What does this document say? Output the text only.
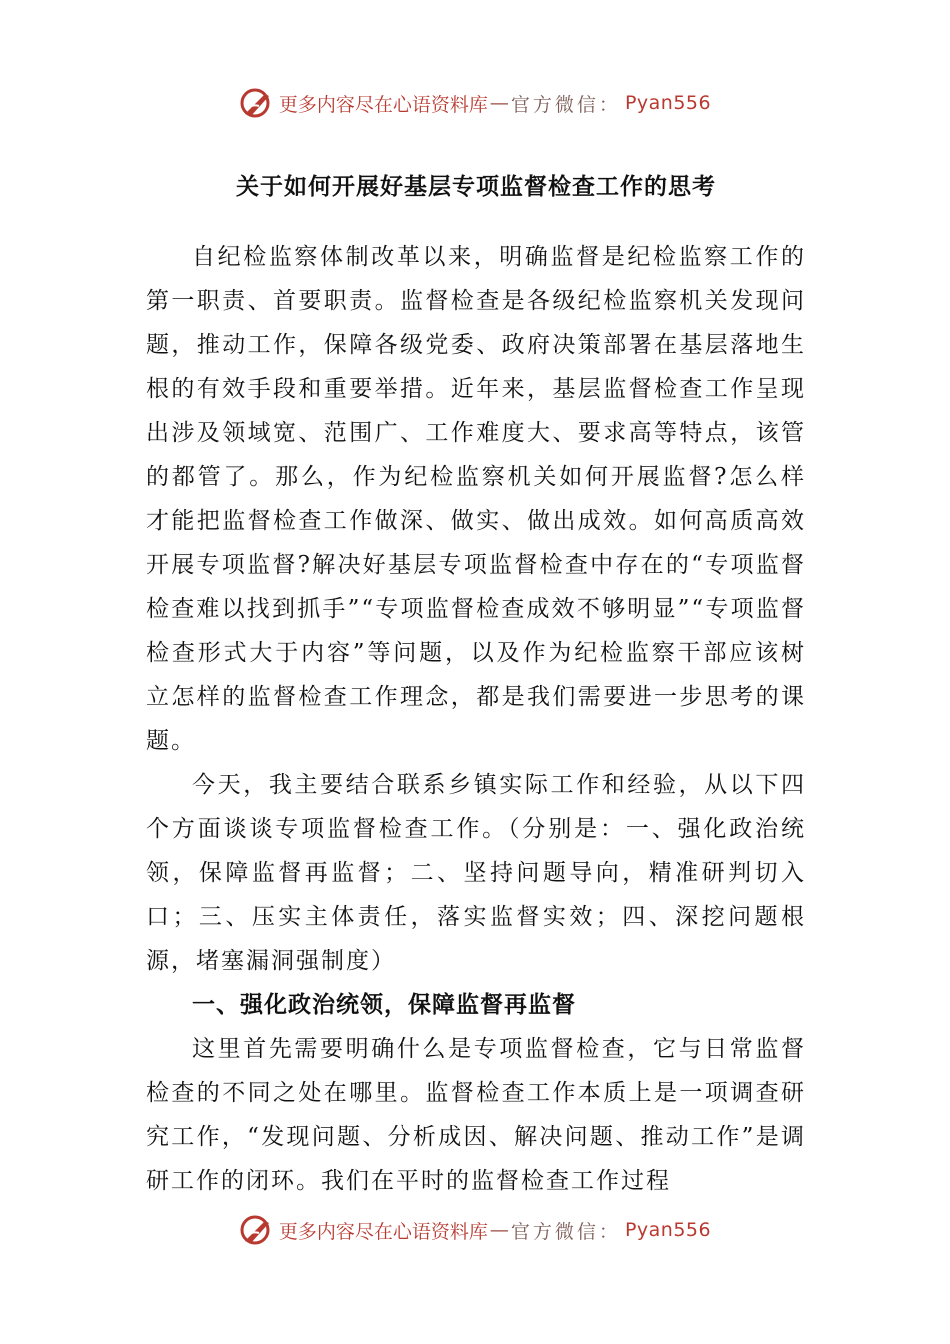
更多内容尽在心语资料库 — 官方微信： Pyan556
关于如何开展好基层专项监督检查工作的思考

自纪检监察体制改革以来，明确监督是纪检监察工作的第一职责、首要职责。监督检查是各级纪检监察机关发现问题，推动工作，保障各级党委、政府决策部署在基层落地生根的有效手段和重要举措。近年来，基层监督检查工作呈现出涉及领域宽、范围广、工作难度大、要求高等特点，该管的都管了。那么，作为纪检监察机关如何开展监督?怎么样才能把监督检查工作做深、做实、做出成效。如何高质高效开展专项监督?解决好基层专项监督检查中存在的“专项监督检查难以找到抓手”“专项监督检查成效不够明显”“专项监督检查形式大于内容”等问题，以及作为纪检监察干部应该树立怎样的监督检查工作理念，都是我们需要进一步思考的课题。

今天，我主要结合联系乡镇实际工作和经验，从以下四个方面谈谈专项监督检查工作。（分别是：一、强化政治统领，保障监督再监督；二、坚持问题导向，精准研判切入口；三、压实主体责任，落实监督实效；四、深挖问题根源，堵塞漏洞强制度）

一、强化政治统领，保障监督再监督

这里首先需要明确什么是专项监督检查，它与日常监督检查的不同之处在哪里。监督检查工作本质上是一项调查研究工作，“发现问题、分析成因、解决问题、推动工作”是调研工作的闭环。我们在平时的监督检查工作过程

更多内容尽在心语资料库 — 官方微信： Pyan556
